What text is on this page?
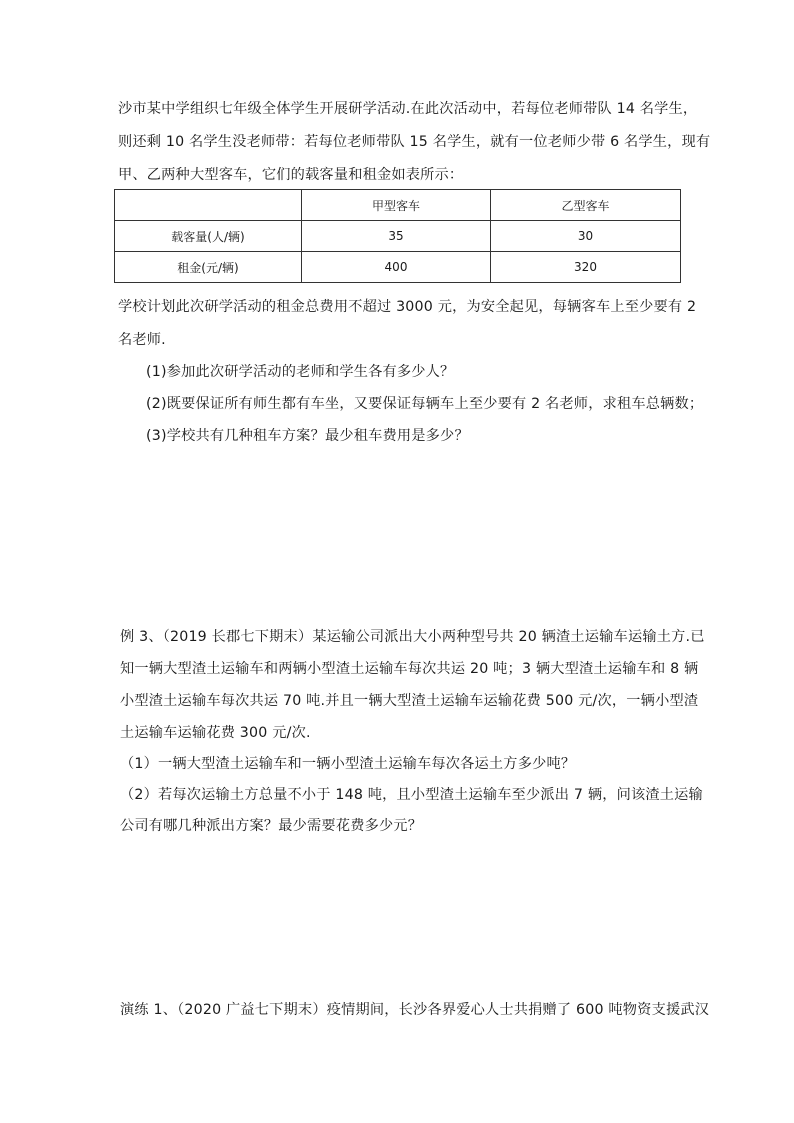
沙市某中学组织七年级全体学生开展研学活动.在此次活动中，若每位老师带队 14 名学生，
则还剩 10 名学生没老师带：若每位老师带队 15 名学生，就有一位老师少带 6 名学生，现有
甲、乙两种大型客车，它们的载客量和租金如表所示：
	甲型客车	乙型客车
载客量(人/辆)	35	30
租金(元/辆)	400	320
学校计划此次研学活动的租金总费用不超过 3000 元，为安全起见，每辆客车上至少要有 2
名老师.
(1)参加此次研学活动的老师和学生各有多少人？
(2)既要保证所有师生都有车坐，又要保证每辆车上至少要有 2 名老师，求租车总辆数；
(3)学校共有几种租车方案？最少租车费用是多少？
例 3、（2019 长郡七下期末）某运输公司派出大小两种型号共 20 辆渣土运输车运输土方.已
知一辆大型渣土运输车和两辆小型渣土运输车每次共运 20 吨；3 辆大型渣土运输车和 8 辆
小型渣土运输车每次共运 70 吨.并且一辆大型渣土运输车运输花费 500 元/次，一辆小型渣
土运输车运输花费 300 元/次.
（1）一辆大型渣土运输车和一辆小型渣土运输车每次各运土方多少吨？
（2）若每次运输土方总量不小于 148 吨，且小型渣土运输车至少派出 7 辆，问该渣土运输
公司有哪几种派出方案？最少需要花费多少元？
演练 1、（2020 广益七下期末）疫情期间，长沙各界爱心人士共捐赠了 600 吨物资支援武汉
